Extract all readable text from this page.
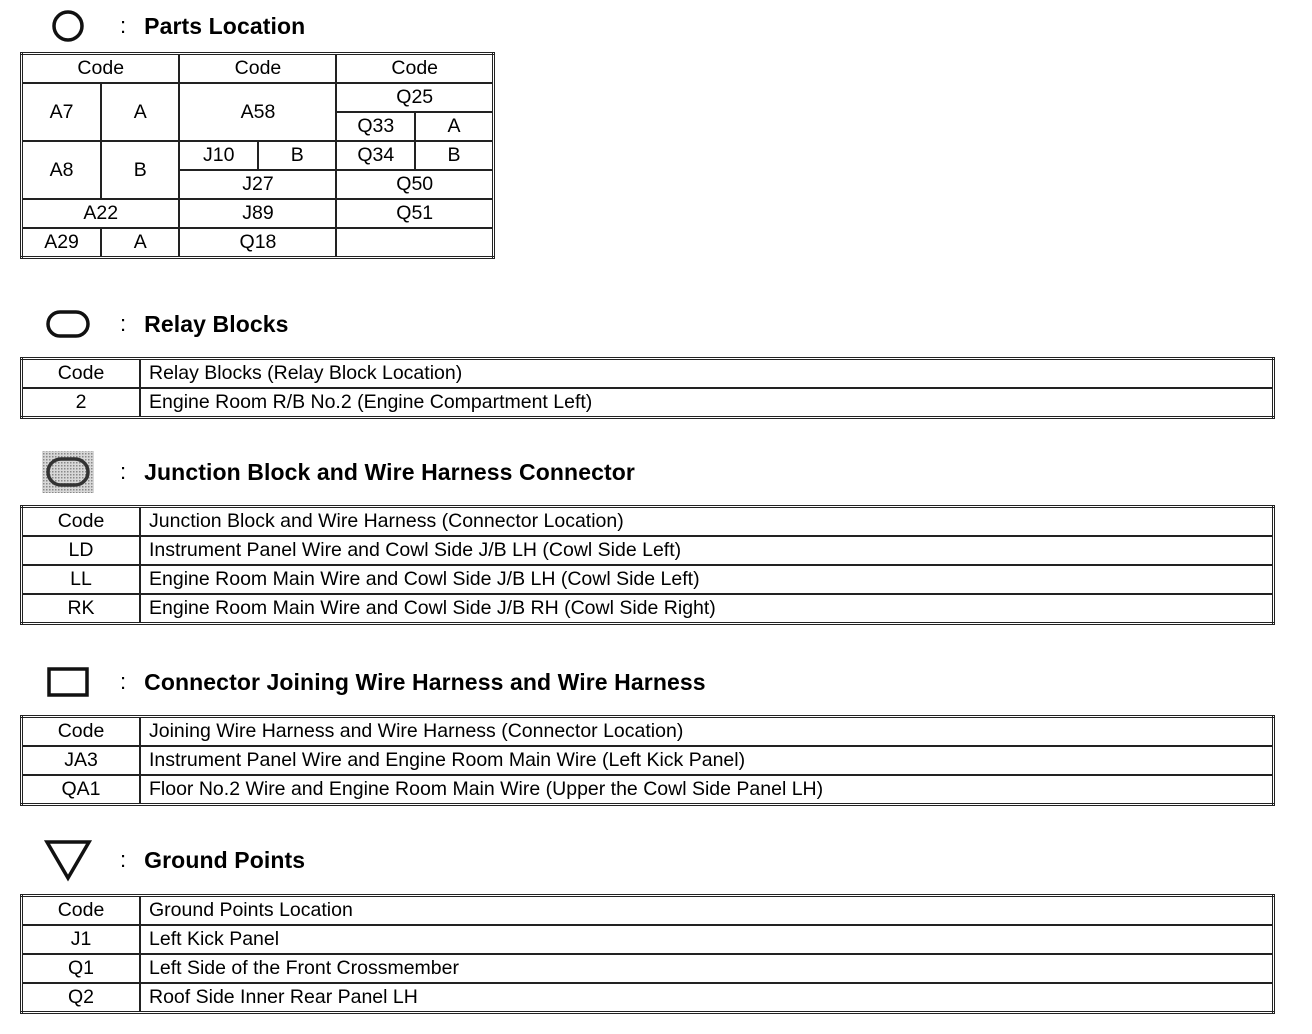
: Parts Location
Code		Code		Code	
A7	A	A58		Q25	
				Q33	A
A8	B	J10	B	Q34	B
		J27		Q50	
A22		J89		Q51	
A29	A	Q18			
: Relay Blocks
Code	Relay Blocks (Relay Block Location)
2	Engine Room R/B No.2 (Engine Compartment Left)
: Junction Block and Wire Harness Connector
Code	Junction Block and Wire Harness (Connector Location)
LD	Instrument Panel Wire and Cowl Side J/B LH (Cowl Side Left)
LL	Engine Room Main Wire and Cowl Side J/B LH (Cowl Side Left)
RK	Engine Room Main Wire and Cowl Side J/B RH (Cowl Side Right)
: Connector Joining Wire Harness and Wire Harness
Code	Joining Wire Harness and Wire Harness (Connector Location)
JA3	Instrument Panel Wire and Engine Room Main Wire (Left Kick Panel)
QA1	Floor No.2 Wire and Engine Room Main Wire (Upper the Cowl Side Panel LH)
: Ground Points
Code	Ground Points Location
J1	Left Kick Panel
Q1	Left Side of the Front Crossmember
Q2	Roof Side Inner Rear Panel LH
